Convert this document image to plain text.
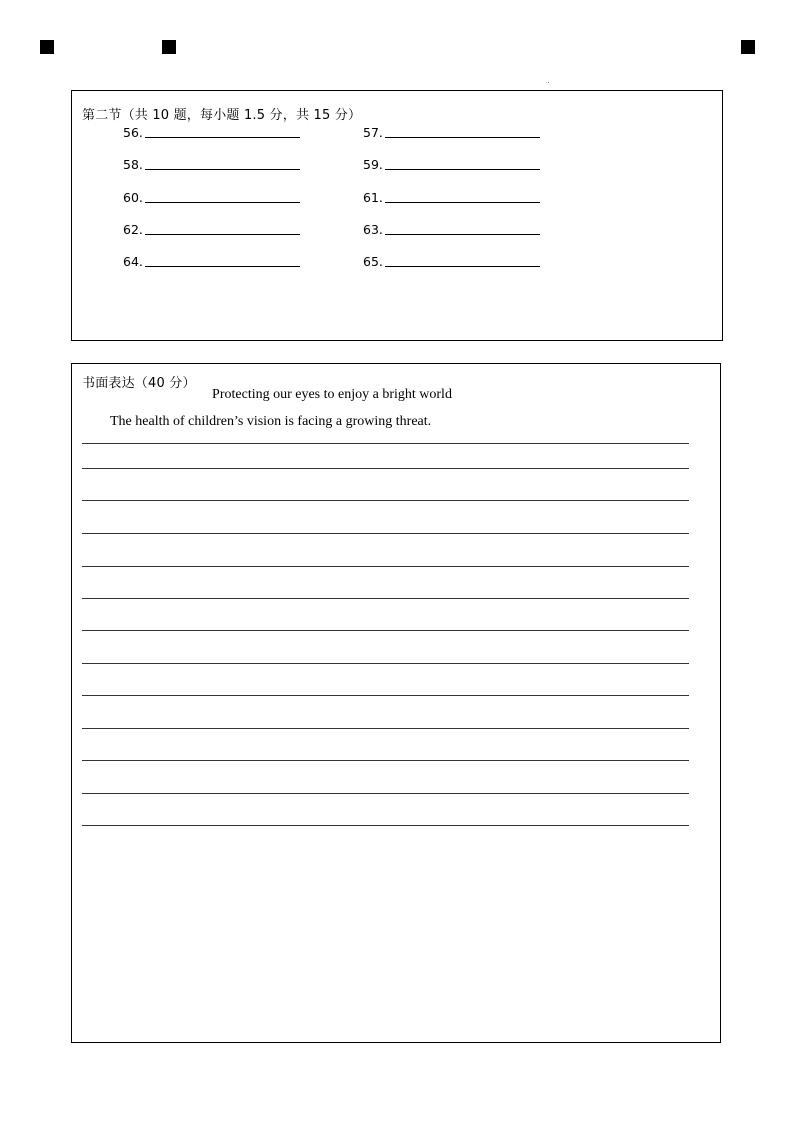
第二节（共 10 题，每小题 1.5 分，共 15 分）
56.	57.
58.	59.
60.	61.
62.	63.
64.	65.
书面表达（40 分）
Protecting our eyes to enjoy a bright world
The health of children’s vision is facing a growing threat.
